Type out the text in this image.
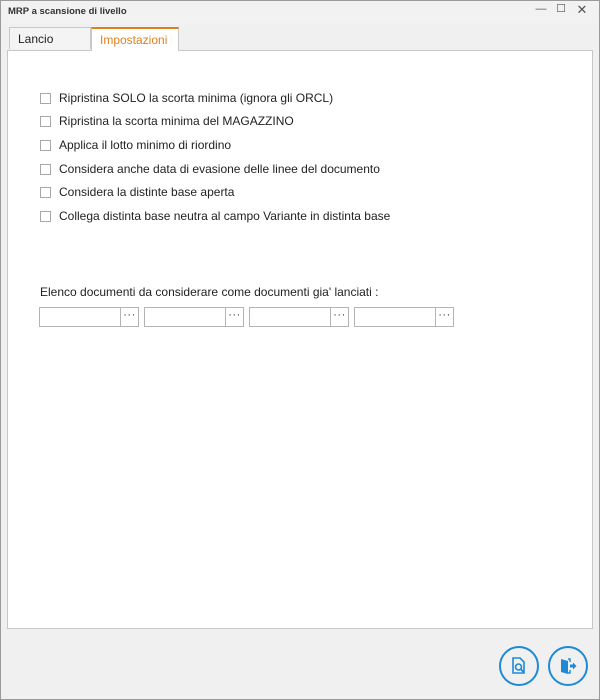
MRP a scansione di livello	— ☐ ✕
Lancio	Impostazioni
Ripristina SOLO la scorta minima (ignora gli ORCL)
Ripristina la scorta minima del MAGAZZINO
Applica il lotto minimo di riordino
Considera anche data di evasione delle linee del documento
Considera la distinte base aperta
Collega distinta base neutra al campo Variante in distinta base
Elenco documenti da considerare come documenti gia' lanciati :
···	···	···	···
